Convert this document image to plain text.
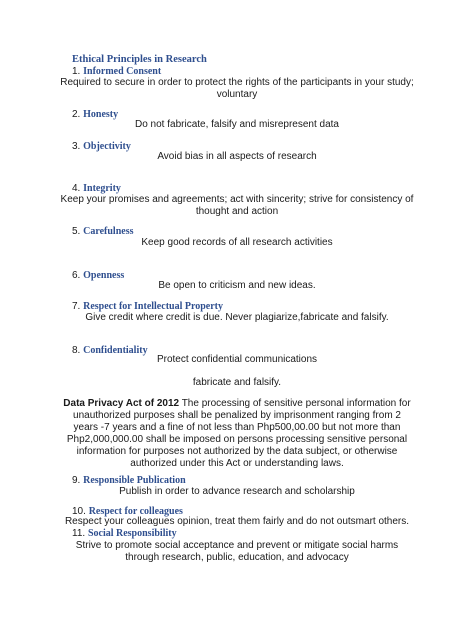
Ethical Principles in Research
1. Informed Consent
Required to secure in order to protect the rights of the participants in your study; voluntary
2. Honesty
Do not fabricate, falsify and misrepresent data
3. Objectivity
Avoid bias in all aspects of research
4. Integrity
Keep your promises and agreements; act with sincerity; strive for consistency of thought and action
5. Carefulness
Keep good records of all research activities
6. Openness
Be open to criticism and new ideas.
7. Respect for Intellectual Property
Give credit where credit is due. Never plagiarize,fabricate and falsify.
8. Confidentiality
Protect confidential communications
fabricate and falsify.
Data Privacy Act of 2012 The processing of sensitive personal information for unauthorized purposes shall be penalized by imprisonment ranging from 2 years -7 years and a fine of not less than Php500,00.00 but not more than Php2,000,000.00 shall be imposed on persons processing sensitive personal information for purposes not authorized by the data subject, or otherwise authorized under this Act or understanding laws.
9. Responsible Publication
Publish in order to advance research and scholarship
10. Respect for colleagues
Respect your colleagues opinion, treat them fairly and do not outsmart others.
11. Social Responsibility
Strive to promote social acceptance and prevent or mitigate social harms through research, public, education, and advocacy
